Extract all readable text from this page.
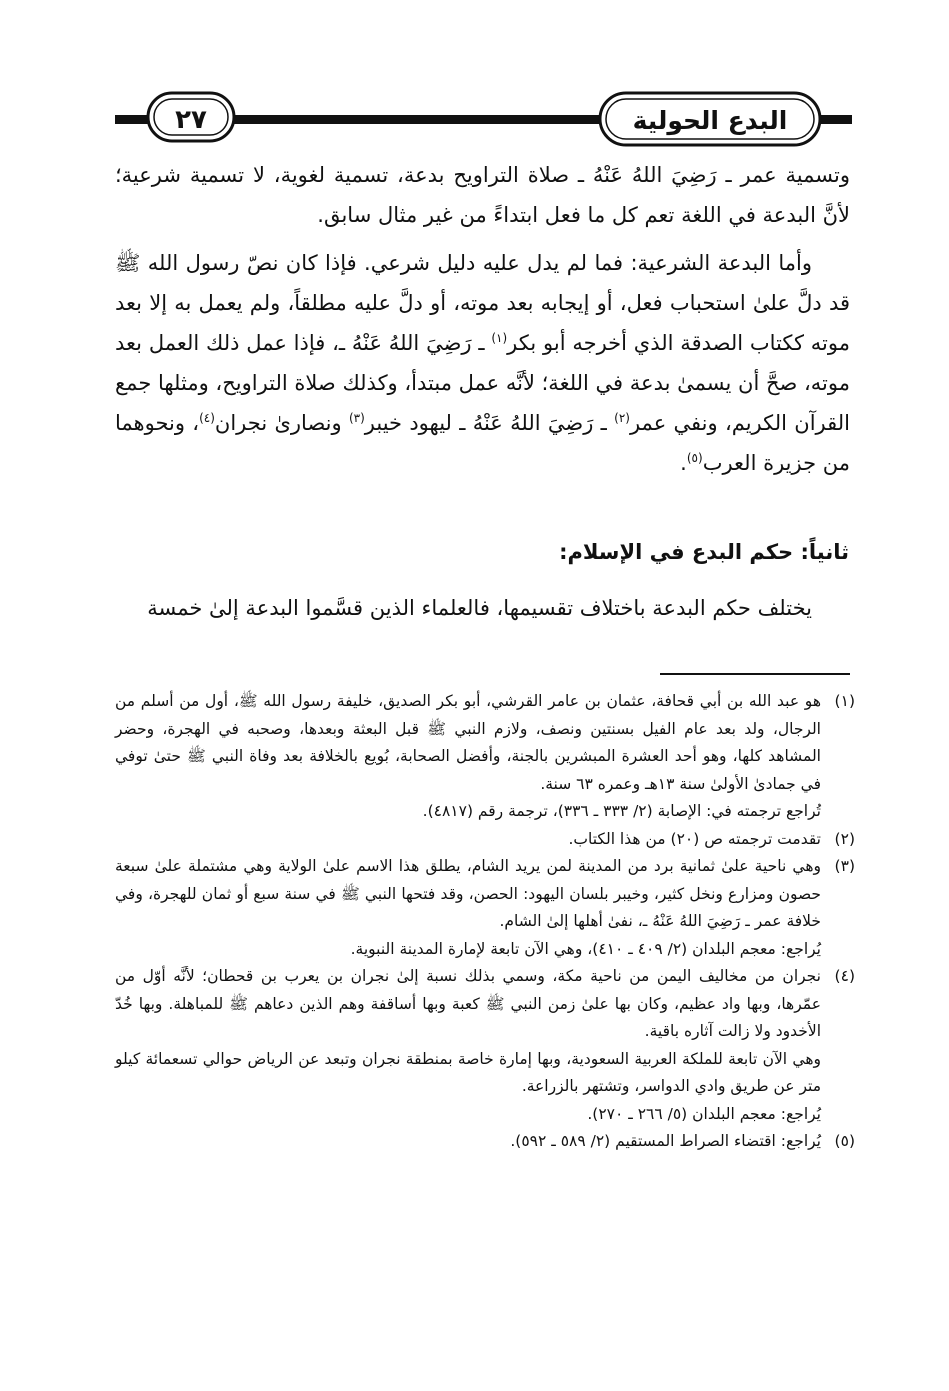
البدع الحولية
٢٧

وتسمية عمر ـ رَضِيَ اللهُ عَنْهُ ـ صلاة التراويح بدعة، تسمية لغوية، لا تسمية شرعية؛ لأنَّ البدعة في اللغة تعم كل ما فعل ابتداءً من غير مثال سابق.

وأما البدعة الشرعية: فما لم يدل عليه دليل شرعي. فإذا كان نصّ رسول الله ﷺ قد دلَّ علىٰ استحباب فعل، أو إيجابه بعد موته، أو دلَّ عليه مطلقاً، ولم يعمل به إلا بعد موته ككتاب الصدقة الذي أخرجه أبو بكر$^{(١)}$ ـ رَضِيَ اللهُ عَنْهُ ـ، فإذا عمل ذلك العمل بعد موته، صحَّ أن يسمىٰ بدعة في اللغة؛ لأنَّه عمل مبتدأ، وكذلك صلاة التراويح، ومثلها جمع القرآن الكريم، ونفي عمر$^{(٢)}$ ـ رَضِيَ اللهُ عَنْهُ ـ ليهود خيبر$^{(٣)}$ ونصارىٰ نجران$^{(٤)}$، ونحوهما من جزيرة العرب$^{(٥)}$.

ثانياً: حكم البدع في الإسلام:
يختلف حكم البدعة باختلاف تقسيمها، فالعلماء الذين قسَّموا البدعة إلىٰ خمسة
(١)
هو عبد الله بن أبي قحافة، عثمان بن عامر القرشي، أبو بكر الصديق، خليفة رسول الله ﷺ، أول من أسلم من الرجال، ولد بعد عام الفيل بسنتين ونصف، ولازم النبي ﷺ قبل البعثة وبعدها، وصحبه في الهجرة، وحضر المشاهد كلها، وهو أحد العشرة المبشرين بالجنة، وأفضل الصحابة، بُويع بالخلافة بعد وفاة النبي ﷺ حتىٰ توفي في جمادىٰ الأولىٰ سنة ١٣هـ وعمره ٦٣ سنة.
تُراجع ترجمته في: الإصابة (٢/ ٣٣٣ ـ ٣٣٦)، ترجمة رقم (٤٨١٧).
(٢)
تقدمت ترجمته ص (٢٠) من هذا الكتاب.
(٣)
وهي ناحية علىٰ ثمانية برد من المدينة لمن يريد الشام، يطلق هذا الاسم علىٰ الولاية وهي مشتملة علىٰ سبعة حصون ومزارع ونخل كثير، وخيبر بلسان اليهود: الحصن، وقد فتحها النبي ﷺ في سنة سبع أو ثمان للهجرة، وفي خلافة عمر ـ رَضِيَ اللهُ عَنْهُ ـ، نفىٰ أهلها إلىٰ الشام.
يُراجع: معجم البلدان (٢/ ٤٠٩ ـ ٤١٠)، وهي الآن تابعة لإمارة المدينة النبوية.
(٤)
نجران من مخاليف اليمن من ناحية مكة، وسمي بذلك نسبة إلىٰ نجران بن يعرب بن قحطان؛ لأنَّه أوّل من عمّرها، وبها واد عظيم، وكان بها علىٰ زمن النبي ﷺ كعبة وبها أساقفة وهم الذين دعاهم ﷺ للمباهلة. وبها خُدّ الأخدود ولا زالت آثاره باقية.
وهي الآن تابعة للملكة العربية السعودية، وبها إمارة خاصة بمنطقة نجران وتبعد عن الرياض حوالي تسعمائة كيلو متر عن طريق وادي الدواسر، وتشتهر بالزراعة.
يُراجع: معجم البلدان (٥/ ٢٦٦ ـ ٢٧٠).
(٥)
يُراجع: اقتضاء الصراط المستقيم (٢/ ٥٨٩ ـ ٥٩٢).
